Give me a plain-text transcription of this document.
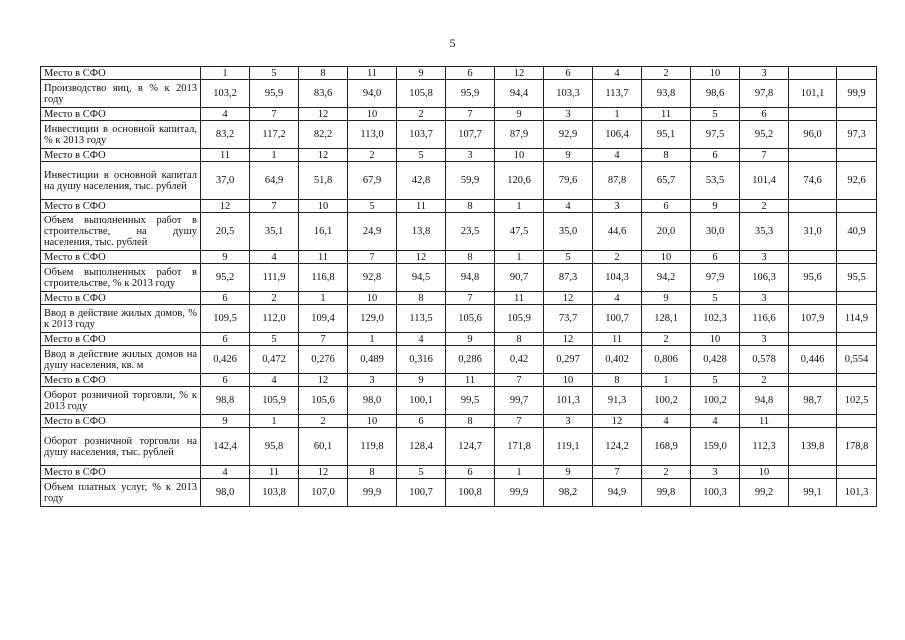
5
Место в СФО	1	5	8	11	9	6	12	6	4	2	10	3		
Производство яиц, в % к 2013 году	103,2	95,9	83,6	94,0	105,8	95,9	94,4	103,3	113,7	93,8	98,6	97,8	101,1	99,9
Место в СФО	4	7	12	10	2	7	9	3	1	11	5	6		
Инвестиции в основной капитал, % к 2013 году	83,2	117,2	82,2	113,0	103,7	107,7	87,9	92,9	106,4	95,1	97,5	95,2	96,0	97,3
Место в СФО	11	1	12	2	5	3	10	9	4	8	6	7		
Инвестиции в основной капитал на душу населения, тыс. рублей	37,0	64,9	51,8	67,9	42,8	59,9	120,6	79,6	87,8	65,7	53,5	101,4	74,6	92,6
Место в СФО	12	7	10	5	11	8	1	4	3	6	9	2		
Объем выполненных работ в строительстве, на душу населения, тыс. рублей	20,5	35,1	16,1	24,9	13,8	23,5	47,5	35,0	44,6	20,0	30,0	35,3	31,0	40,9
Место в СФО	9	4	11	7	12	8	1	5	2	10	6	3		
Объем выполненных работ в строительстве, % к 2013 году	95,2	111,9	116,8	92,8	94,5	94,8	90,7	87,3	104,3	94,2	97,9	106,3	95,6	95,5
Место в СФО	6	2	1	10	8	7	11	12	4	9	5	3		
Ввод в действие жилых домов, % к 2013 году	109,5	112,0	109,4	129,0	113,5	105,6	105,9	73,7	100,7	128,1	102,3	116,6	107,9	114,9
Место в СФО	6	5	7	1	4	9	8	12	11	2	10	3		
Ввод в действие жилых домов на душу населения, кв. м	0,426	0,472	0,276	0,489	0,316	0,286	0,42	0,297	0,402	0,806	0,428	0,578	0,446	0,554
Место в СФО	6	4	12	3	9	11	7	10	8	1	5	2		
Оборот розничной торговли, % к 2013 году	98,8	105,9	105,6	98,0	100,1	99,5	99,7	101,3	91,3	100,2	100,2	94,8	98,7	102,5
Место в СФО	9	1	2	10	6	8	7	3	12	4	4	11		
Оборот розничной торговли на душу населения, тыс. рублей	142,4	95,8	60,1	119,8	128,4	124,7	171,8	119,1	124,2	168,9	159,0	112,3	139,8	178,8
Место в СФО	4	11	12	8	5	6	1	9	7	2	3	10		
Объем платных услуг, % к 2013 году	98,0	103,8	107,0	99,9	100,7	100,8	99,9	98,2	94,9	99,8	100,3	99,2	99,1	101,3
